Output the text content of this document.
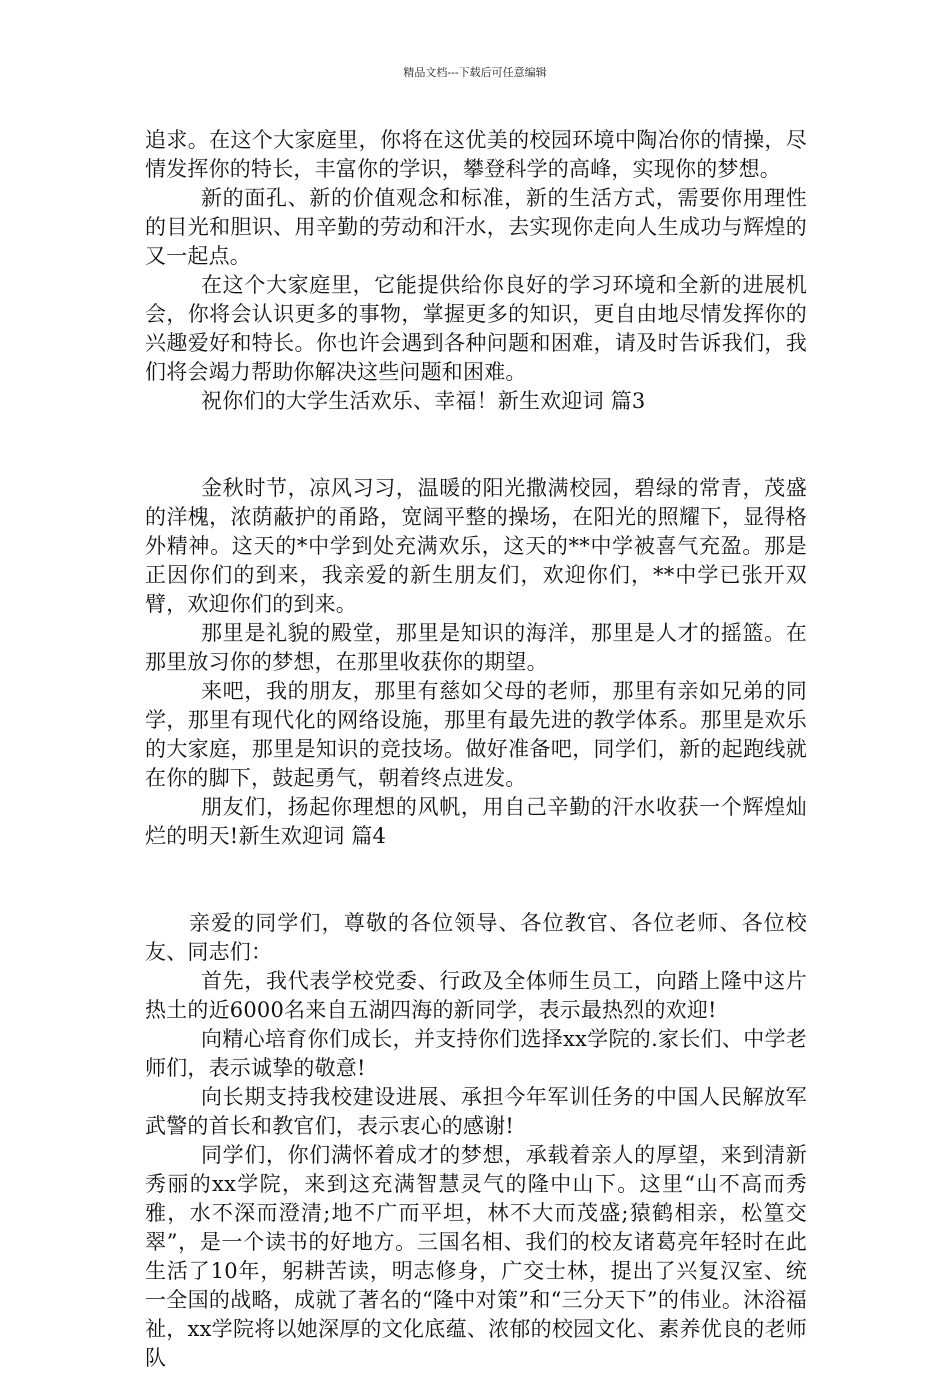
精品文档---下载后可任意编辑

追求。在这个大家庭里，你将在这优美的校园环境中陶冶你的情操，尽情发挥你的特长，丰富你的学识，攀登科学的高峰，实现你的梦想。

新的面孔、新的价值观念和标准，新的生活方式，需要你用理性的目光和胆识、用辛勤的劳动和汗水，去实现你走向人生成功与辉煌的又一起点。

在这个大家庭里，它能提供给你良好的学习环境和全新的进展机会，你将会认识更多的事物，掌握更多的知识，更自由地尽情发挥你的兴趣爱好和特长。你也许会遇到各种问题和困难，请及时告诉我们，我们将会竭力帮助你解决这些问题和困难。

祝你们的大学生活欢乐、幸福！新生欢迎词 篇3

金秋时节，凉风习习，温暖的阳光撒满校园，碧绿的常青，茂盛的洋槐，浓荫蔽护的甬路，宽阔平整的操场，在阳光的照耀下，显得格外精神。这天的*中学到处充满欢乐，这天的**中学被喜气充盈。那是正因你们的到来，我亲爱的新生朋友们，欢迎你们，**中学已张开双臂，欢迎你们的到来。

那里是礼貌的殿堂，那里是知识的海洋，那里是人才的摇篮。在那里放习你的梦想，在那里收获你的期望。

来吧，我的朋友，那里有慈如父母的老师，那里有亲如兄弟的同学，那里有现代化的网络设施，那里有最先进的教学体系。那里是欢乐的大家庭，那里是知识的竞技场。做好准备吧，同学们，新的起跑线就在你的脚下，鼓起勇气，朝着终点进发。

朋友们，扬起你理想的风帆，用自己辛勤的汗水收获一个辉煌灿烂的明天!新生欢迎词 篇4

亲爱的同学们，尊敬的各位领导、各位教官、各位老师、各位校友、同志们：

首先，我代表学校党委、行政及全体师生员工，向踏上隆中这片热土的近6000名来自五湖四海的新同学，表示最热烈的欢迎!

向精心培育你们成长，并支持你们选择xx学院的.家长们、中学老师们，表示诚挚的敬意!

向长期支持我校建设进展、承担今年军训任务的中国人民解放军武警的首长和教官们，表示衷心的感谢!

同学们，你们满怀着成才的梦想，承载着亲人的厚望，来到清新秀丽的xx学院，来到这充满智慧灵气的隆中山下。这里“山不高而秀雅，水不深而澄清;地不广而平坦，林不大而茂盛;猿鹤相亲，松篁交翠”，是一个读书的好地方。三国名相、我们的校友诸葛亮年轻时在此生活了10年，躬耕苦读，明志修身，广交士林，提出了兴复汉室、统一全国的战略，成就了著名的“隆中对策”和“三分天下”的伟业。沐浴福祉，xx学院将以她深厚的文化底蕴、浓郁的校园文化、素养优良的老师队
